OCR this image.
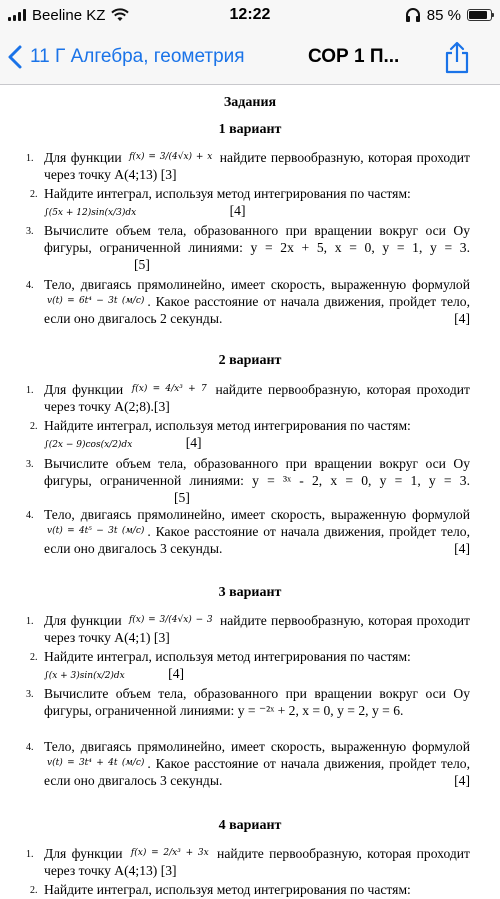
Beeline KZ	12:22	85 %
11 Г Алгебра, геометрия	СОР 1 П...
Задания
1 вариант
1. Для функции $^{f(x) = 3/(4√x) + x}$ найдите первообразную, которая проходит через точку А(4;13) [3]
2. Найдите интеграл, используя метод интегрирования по частям:
∫(5x + 12)sin(x/3)dx	[4]
3. Вычислите объем тела, образованного при вращении вокруг оси Oy фигуры, ограниченной линиями: y = 2x + 5, x = 0, y = 1, y = 3. [5]
4. Тело, двигаясь прямолинейно, имеет скорость, выраженную формулой $^{v(t) = 6t^4 - 3t (м/с)}$ . Какое расстояние от начала движения, пройдет тело, если оно двигалось 2 секунды.	[4]
2 вариант
1. Для функции $^{f(x) = 4/x^3 + 7}$ найдите первообразную, которая проходит через точку А(2;8).[3]
2. Найдите интеграл, используя метод интегрирования по частям:
∫(2x − 9)cos(x/2)dx	[4]
3. Вычислите объем тела, образованного при вращении вокруг оси Oy фигуры, ограниченной линиями: y = ³ˣ - 2, x = 0, y = 1, y = 3. [5]
4. Тело, двигаясь прямолинейно, имеет скорость, выраженную формулой $^{v(t) = 4t^5 - 3t (м/с)}$ . Какое расстояние от начала движения, пройдет тело, если оно двигалось 3 секунды.	[4]
3 вариант
1. Для функции $^{f(x) = 3/(4√x) - 3}$ найдите первообразную, которая проходит через точку А(4;1) [3]
2. Найдите интеграл, используя метод интегрирования по частям:
∫(x + 3)sin(x/2)dx	[4]
3. Вычислите объем тела, образованного при вращении вокруг оси Oy фигуры, ограниченной линиями: y = ⁻²ˣ + 2, x = 0, y = 2, y = 6.
4. Тело, двигаясь прямолинейно, имеет скорость, выраженную формулой $^{v(t) = 3t^4 + 4t (м/с)}$ . Какое расстояние от начала движения, пройдет тело, если оно двигалось 3 секунды.	[4]
4 вариант
1. Для функции $^{f(x) = 2/x^3 + 3x}$ найдите первообразную, которая проходит через точку А(4;13) [3]
2. Найдите интеграл, используя метод интегрирования по частям:
